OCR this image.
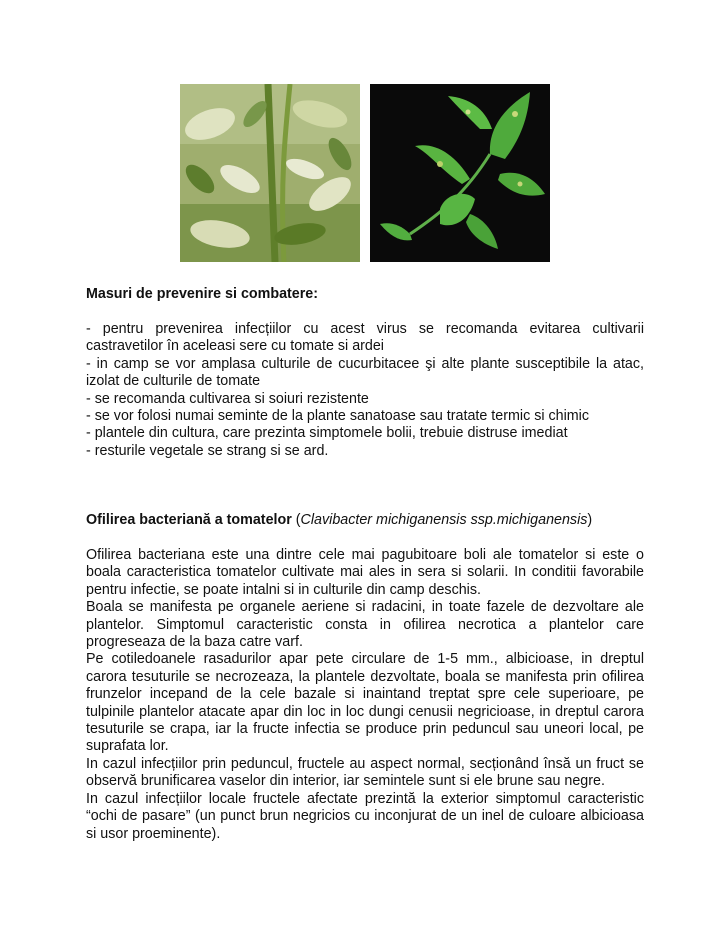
Masuri de prevenire si combatere:
- pentru prevenirea infecțiilor cu acest virus se recomanda evitarea cultivarii castravetilor în aceleasi sere cu tomate si ardei
- in camp se vor amplasa culturile de cucurbitacee şi alte plante susceptibile la atac, izolat de culturile de tomate
- se recomanda cultivarea si soiuri rezistente
- se vor folosi numai seminte de la plante sanatoase sau tratate termic si chimic
- plantele din cultura, care prezinta simptomele bolii, trebuie distruse imediat
- resturile vegetale se strang si se ard.
Ofilirea bacteriană a tomatelor (Clavibacter michiganensis ssp.michiganensis)
Ofilirea bacteriana este una dintre cele mai pagubitoare boli ale tomatelor si este o boala caracteristica tomatelor cultivate mai ales in sera si solarii. In conditii favorabile pentru infectie, se poate intalni si in culturile din camp deschis.
Boala se manifesta pe organele aeriene si radacini, in toate fazele de dezvoltare ale plantelor. Simptomul caracteristic consta in ofilirea necrotica a plantelor care progreseaza de la baza catre varf.
Pe cotiledoanele rasadurilor apar pete circulare de 1-5 mm., albicioase, in dreptul carora tesuturile se necrozeaza, la plantele dezvoltate, boala se manifesta prin ofilirea frunzelor incepand de la cele bazale si inaintand treptat spre cele superioare, pe tulpinile plantelor atacate apar din loc in loc dungi cenusii negricioase, in dreptul carora tesuturile se crapa, iar la fructe infectia se produce prin peduncul sau uneori local, pe suprafata lor.
In cazul infecțiilor prin peduncul, fructele au aspect normal, secționând însă un fruct se observă brunificarea vaselor din interior, iar semintele sunt si ele brune sau negre.
In cazul infecțiilor locale fructele afectate prezintă la exterior simptomul caracteristic “ochi de pasare” (un punct brun negricios cu inconjurat de un inel de culoare albicioasa si usor proeminente).
